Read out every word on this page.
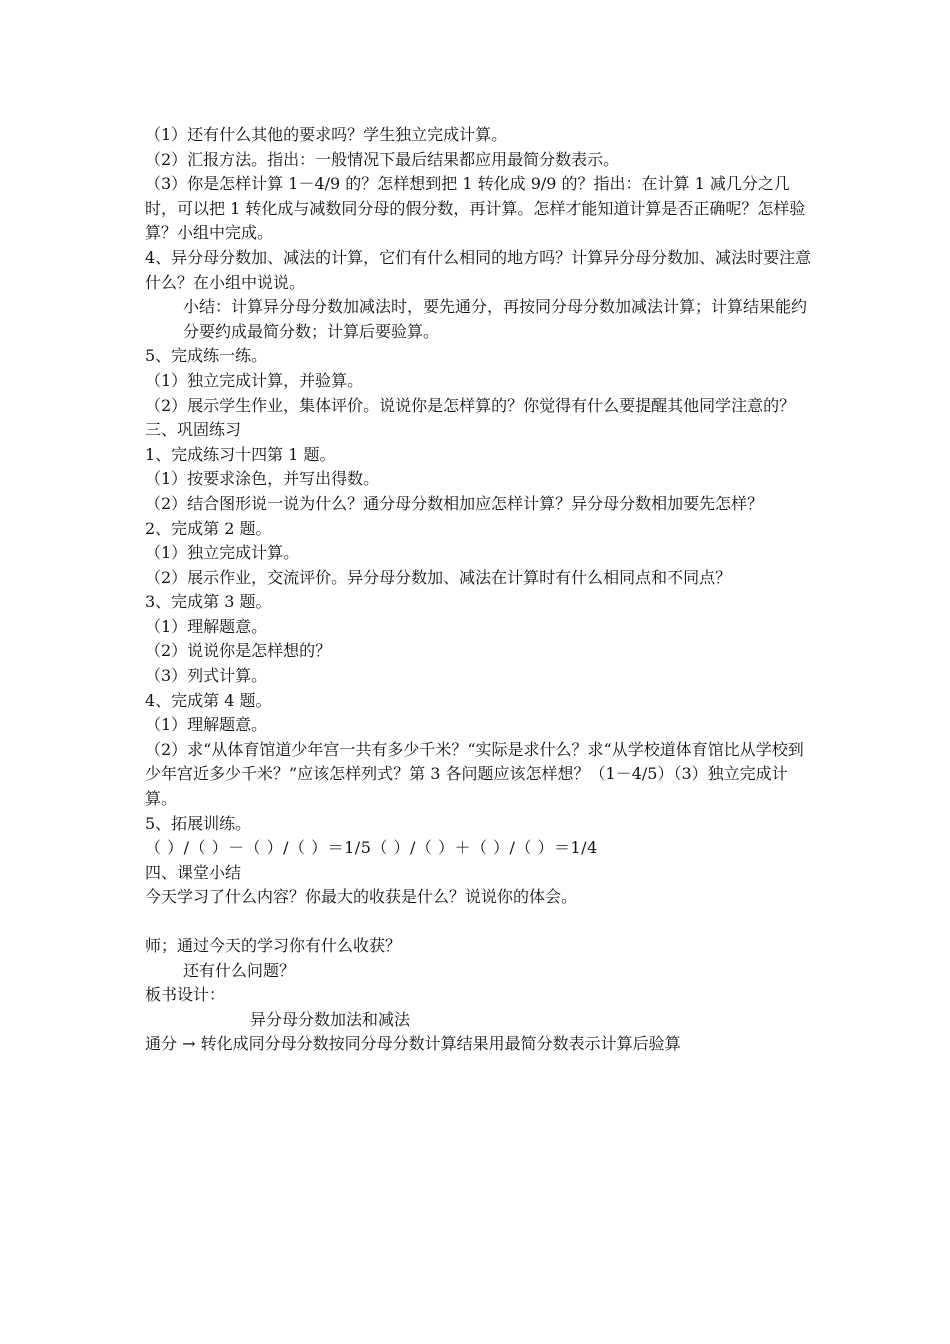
（1）还有什么其他的要求吗？学生独立完成计算。

（2）汇报方法。指出：一般情况下最后结果都应用最简分数表示。

（3）你是怎样计算 1－4/9 的？怎样想到把 1 转化成 9/9 的？指出：在计算 1 减几分之几时，可以把 1 转化成与减数同分母的假分数，再计算。怎样才能知道计算是否正确呢？怎样验算？小组中完成。

4、异分母分数加、减法的计算，它们有什么相同的地方吗？计算异分母分数加、减法时要注意什么？在小组中说说。

小结：计算异分母分数加减法时，要先通分，再按同分母分数加减法计算；计算结果能约分要约成最简分数；计算后要验算。

5、完成练一练。

（1）独立完成计算，并验算。

（2）展示学生作业，集体评价。说说你是怎样算的？你觉得有什么要提醒其他同学注意的？

三、巩固练习

1、完成练习十四第 1 题。

（1）按要求涂色，并写出得数。

（2）结合图形说一说为什么？通分母分数相加应怎样计算？异分母分数相加要先怎样？

2、完成第 2 题。

（1）独立完成计算。

（2）展示作业，交流评价。异分母分数加、减法在计算时有什么相同点和不同点？

3、完成第 3 题。

（1）理解题意。

（2）说说你是怎样想的？

（3）列式计算。

4、完成第 4 题。

（1）理解题意。

（2）求“从体育馆道少年宫一共有多少千米？“实际是求什么？求“从学校道体育馆比从学校到少年宫近多少千米？”应该怎样列式？第 3 各问题应该怎样想？（1－4/5）（3）独立完成计算。

5、拓展训练。

（ ）/（ ）－（ ）/（ ）＝1/5（ ）/（ ）＋（ ）/（ ）＝1/4

四、课堂小结

今天学习了什么内容？你最大的收获是什么？说说你的体会。

师；通过今天的学习你有什么收获？

还有什么问题？

板书设计：

异分母分数加法和减法

通分 → 转化成同分母分数按同分母分数计算结果用最简分数表示计算后验算
